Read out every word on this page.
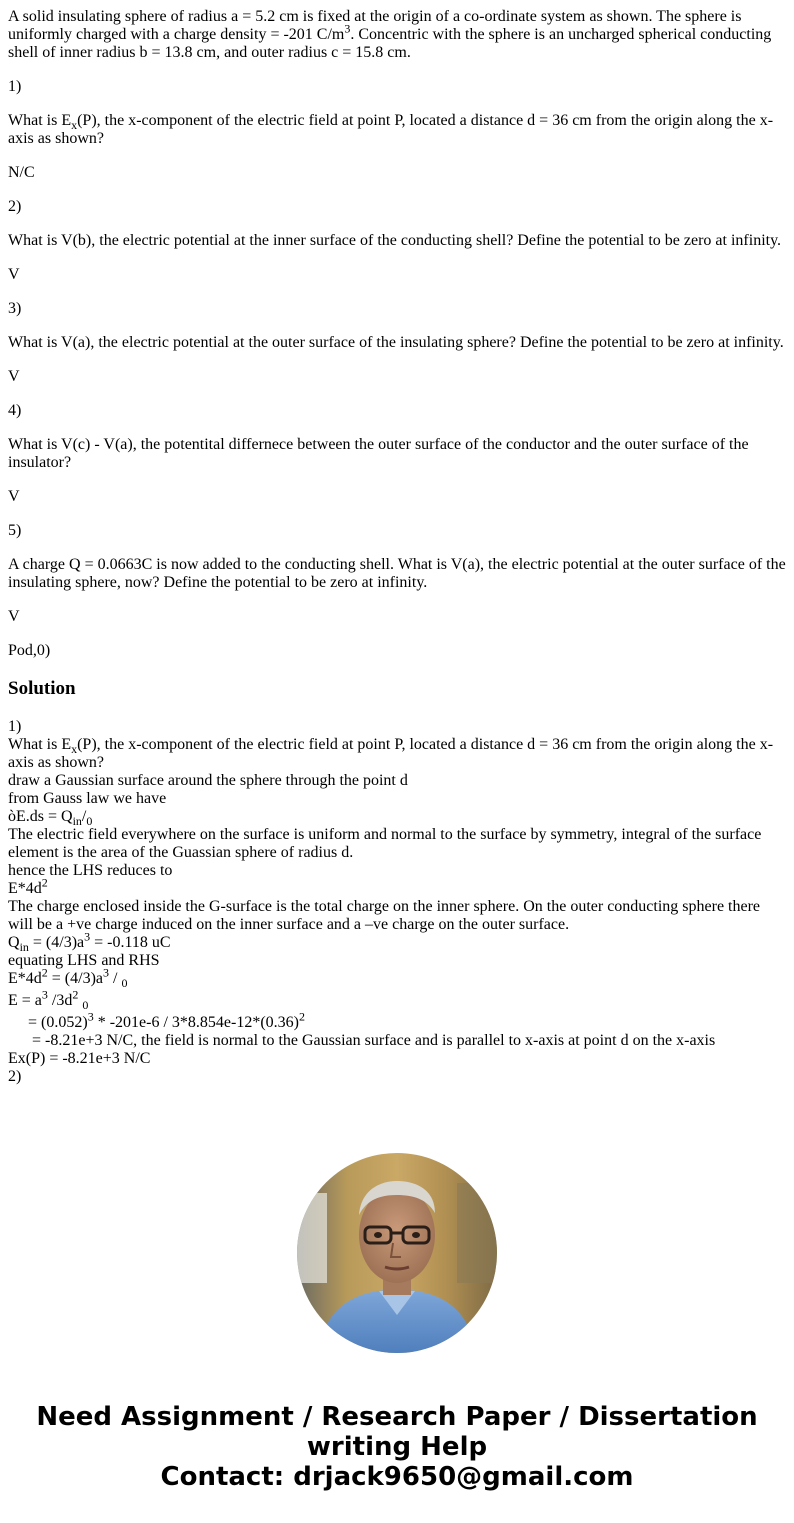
A solid insulating sphere of radius a = 5.2 cm is fixed at the origin of a co-ordinate system as shown. The sphere is uniformly charged with a charge density = -201 $C/m^3$. Concentric with the sphere is an uncharged spherical conducting shell of inner radius b = 13.8 cm, and outer radius c = 15.8 cm.

1)

What is $E_x(P)$, the x-component of the electric field at point P, located a distance d = 36 cm from the origin along the x-axis as shown?

N/C

2)

What is V(b), the electric potential at the inner surface of the conducting shell? Define the potential to be zero at infinity.

V

3)

What is V(a), the electric potential at the outer surface of the insulating sphere? Define the potential to be zero at infinity.

V

4)

What is V(c) - V(a), the potentital differnece between the outer surface of the conductor and the outer surface of the insulator?

V

5)

A charge Q = 0.0663C is now added to the conducting shell. What is V(a), the electric potential at the outer surface of the insulating sphere, now? Define the potential to be zero at infinity.

V

Pod,0)

Solution
1)
What is $E_x(P)$, the x-component of the electric field at point P, located a distance d = 36 cm from the origin along the x-axis as shown?
draw a Gaussian surface around the sphere through the point d
from Gauss law we have
òE.ds = $Q_{in}/_0$
The electric field everywhere on the surface is uniform and normal to the surface by symmetry, integral of the surface element is the area of the Guassian sphere of radius d.
hence the LHS reduces to
$E*4d^2$
The charge enclosed inside the G-surface is the total charge on the inner sphere. On the outer conducting sphere there will be a +ve charge induced on the inner surface and a –ve charge on the outer surface.
$Q_{in} = (4/3)a^3 = -0.118$ uC
equating LHS and RHS
$E*4d^2 = (4/3)a^3 / _0$
$E = a^3$ $/3d^2$ $_0$
= $(0.052)^3 * -201e-6 / 3*8.854e-12*(0.36)^2$
= -8.21e+3 N/C, the field is normal to the Gaussian surface and is parallel to x-axis at point d on the x-axis
Ex(P) = -8.21e+3 N/C
2)
Need Assignment / Research Paper / Dissertation
writing Help
Contact: drjack9650@gmail.com
